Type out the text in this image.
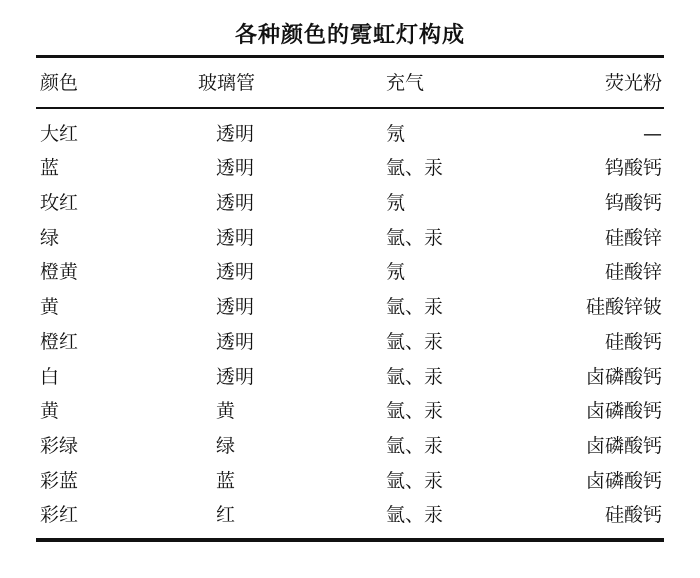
各种颜色的霓虹灯构成
颜色	玻璃管	充气	荧光粉
大红	透明	氖	—
蓝	透明	氩、汞	钨酸钙
玫红	透明	氖	钨酸钙
绿	透明	氩、汞	硅酸锌
橙黄	透明	氖	硅酸锌
黄	透明	氩、汞	硅酸锌铍
橙红	透明	氩、汞	硅酸钙
白	透明	氩、汞	卤磷酸钙
黄	黄	氩、汞	卤磷酸钙
彩绿	绿	氩、汞	卤磷酸钙
彩蓝	蓝	氩、汞	卤磷酸钙
彩红	红	氩、汞	硅酸钙
